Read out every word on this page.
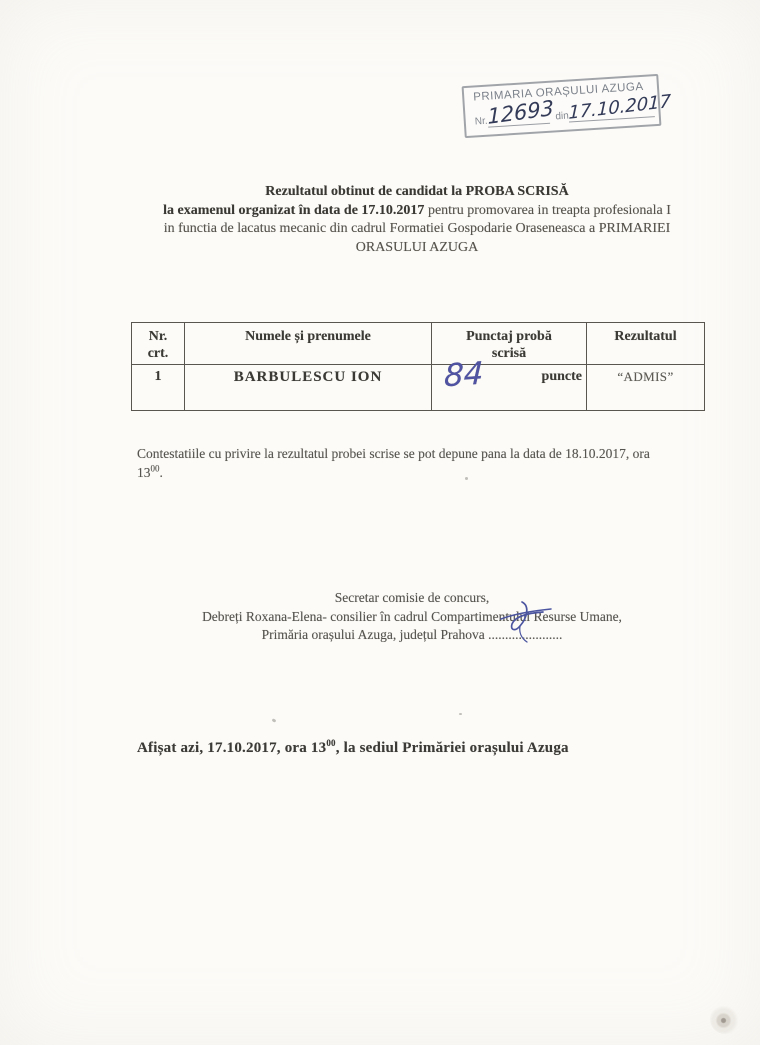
PRIMARIA ORAȘULUI AZUGA
Nr. 12693 din 17.10.2017
Rezultatul obtinut de candidat la PROBA SCRISĂ
la examenul organizat în data de 17.10.2017 pentru promovarea in treapta profesionala I
in functia de lacatus mecanic din cadrul Formatiei Gospodarie Oraseneasca a PRIMARIEI
ORASULUI AZUGA
Nr. crt.	Numele și prenumele	Punctaj probă scrisă	Rezultatul

1	BARBULESCU ION	84 puncte	“ADMIS”
Contestatiile cu privire la rezultatul probei scrise se pot depune pana la data de 18.10.2017, ora
$13^{00}$.
Secretar comisie de concurs,
Debreți Roxana-Elena- consilier în cadrul Compartimentului Resurse Umane,
Primăria orașului Azuga, județul Prahova ......................
Afișat azi, 17.10.2017, ora $13^{00}$, la sediul Primăriei orașului Azuga
